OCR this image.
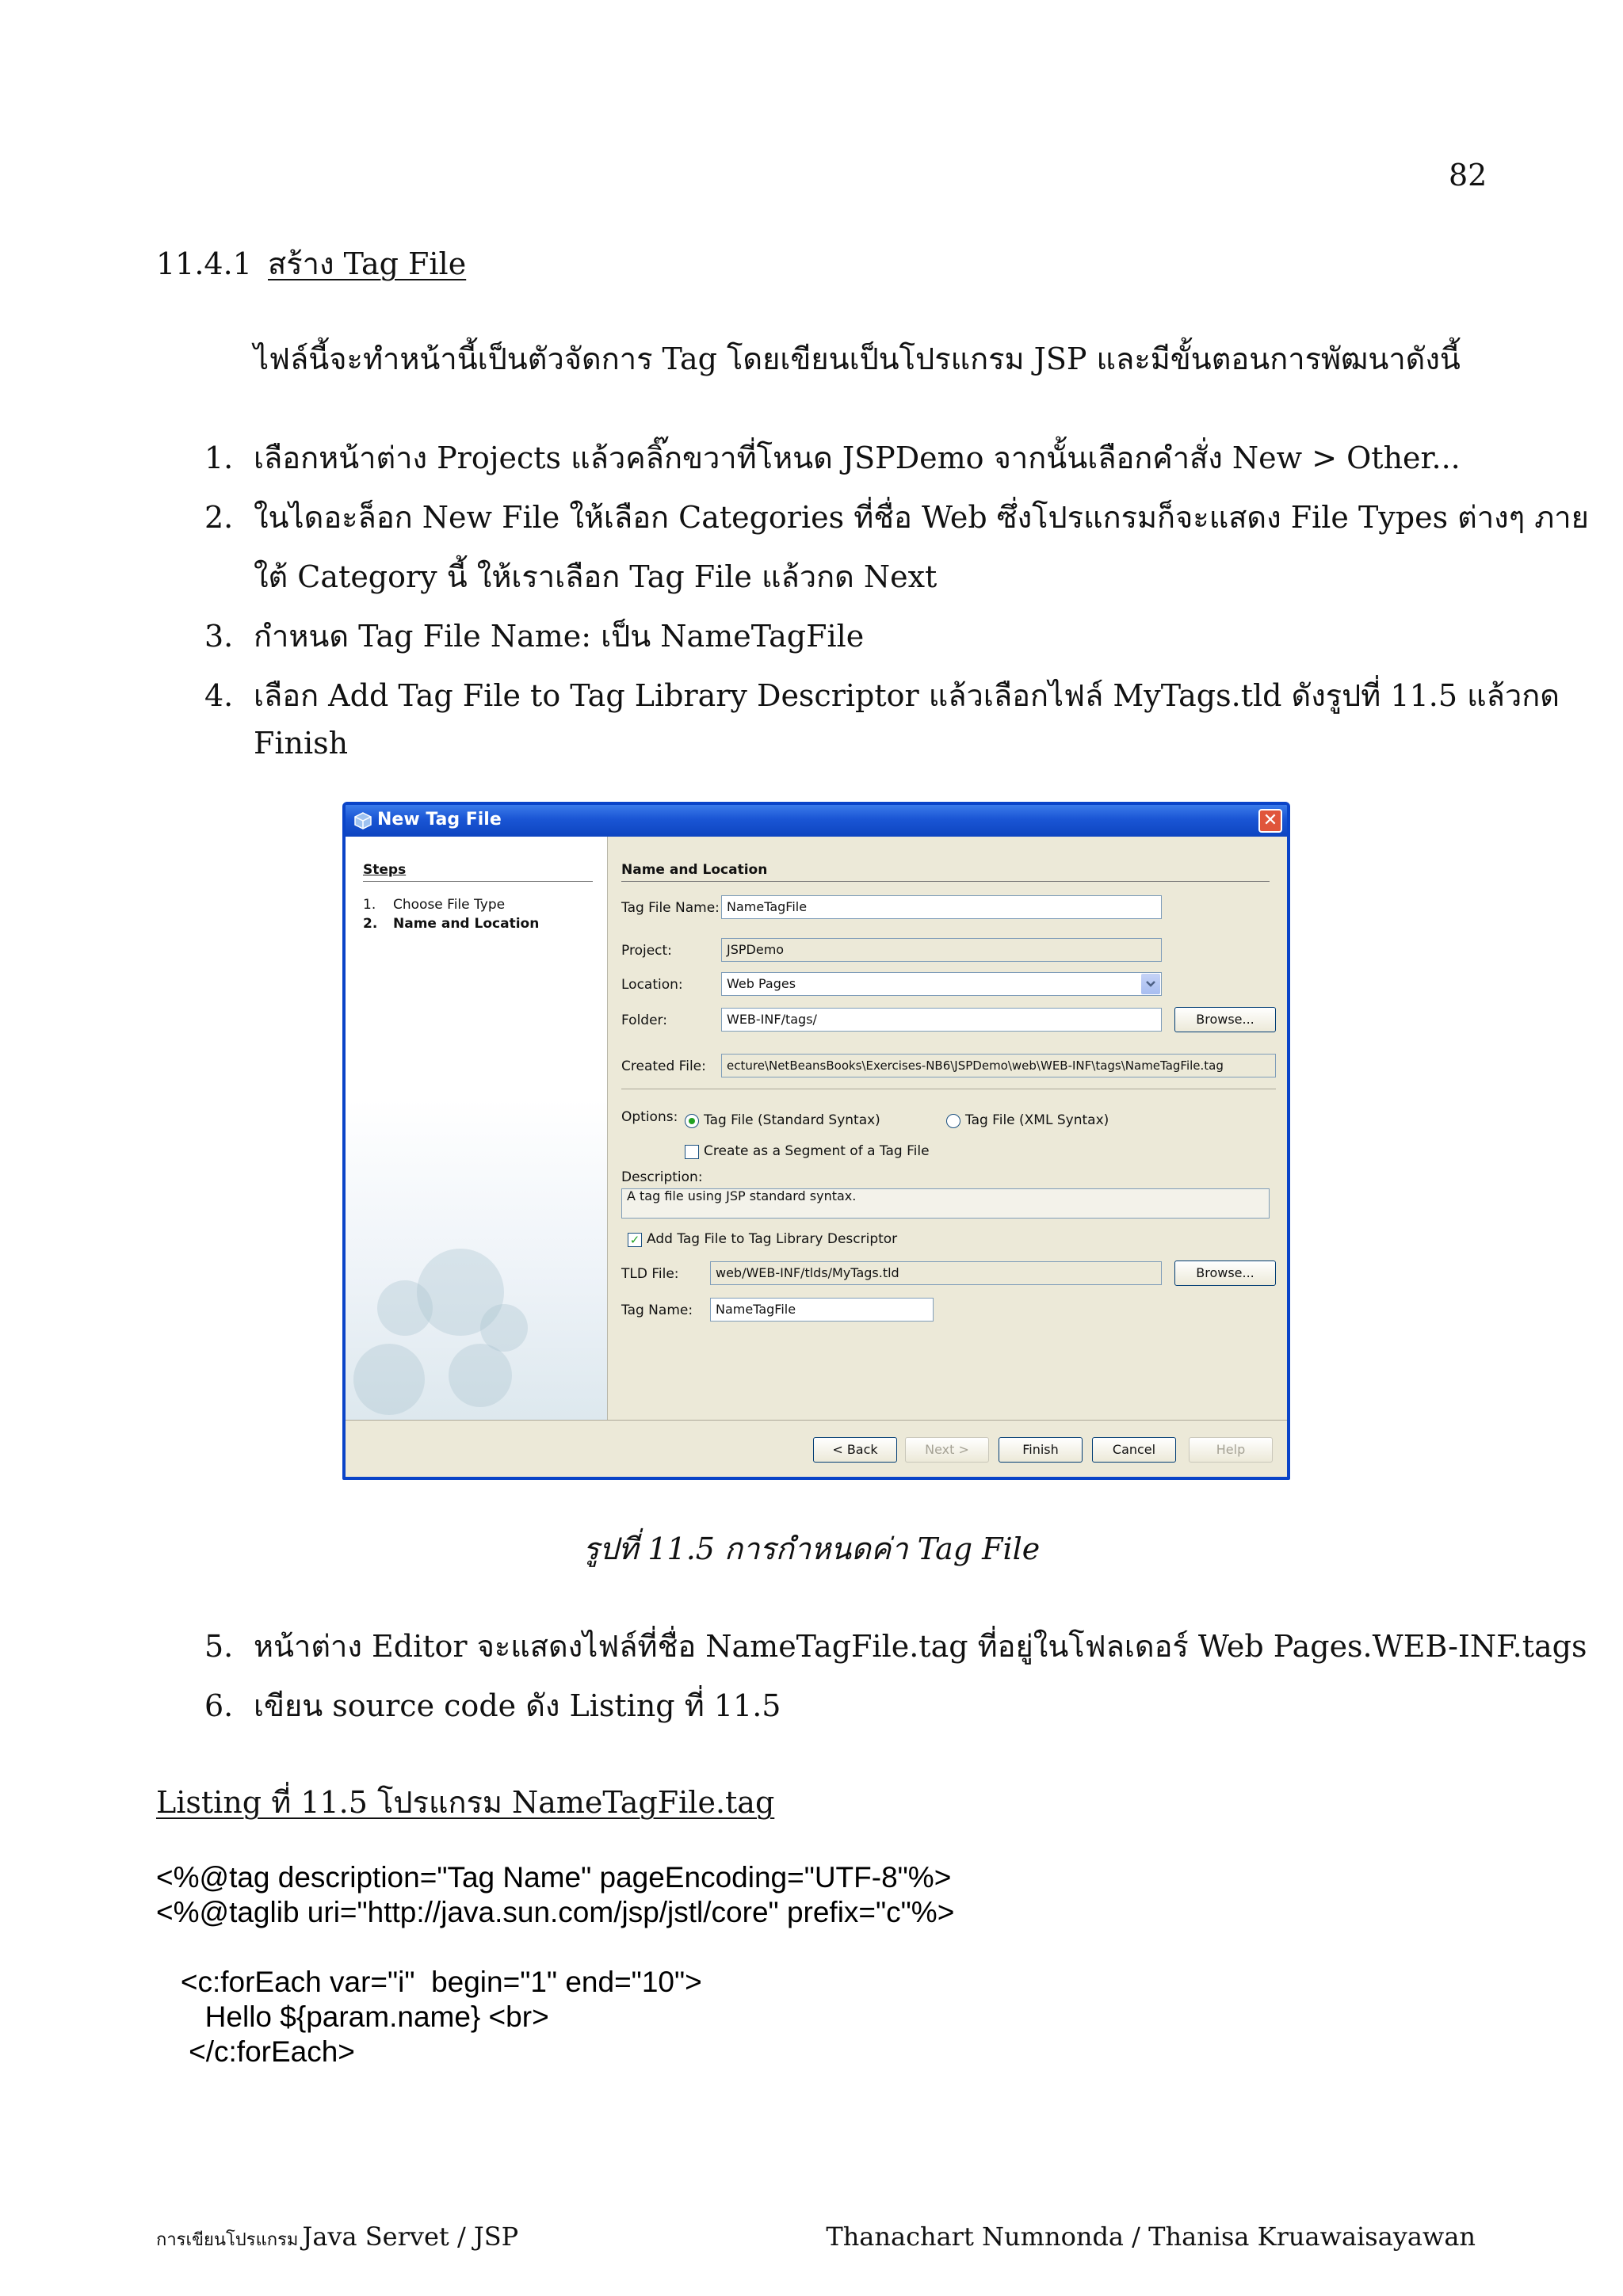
82
11.4.1 สร้าง Tag File
ไฟล์นี้จะทำหน้านี้เป็นตัวจัดการ Tag โดยเขียนเป็นโปรแกรม JSP และมีขั้นตอนการพัฒนาดังนี้
1. เลือกหน้าต่าง Projects แล้วคลิ๊กขวาที่โหนด JSPDemo จากนั้นเลือกคำสั่ง New > Other...
2. ในไดอะล็อก New File ให้เลือก Categories ที่ชื่อ Web ซึ่งโปรแกรมก็จะแสดง File Types ต่างๆ ภาย
ใต้ Category นี้ ให้เราเลือก Tag File แล้วกด Next
3. กำหนด Tag File Name: เป็น NameTagFile
4. เลือก Add Tag File to Tag Library Descriptor แล้วเลือกไฟล์ MyTags.tld ดังรูปที่ 11.5 แล้วกด
Finish
New Tag File	✕
Steps
1. Choose File Type
2. Name and Location
Name and Location
Tag File Name: NameTagFile
Project:	JSPDemo
Location:	Web Pages
Folder:	WEB-INF/tags/	Browse...
Created File:	ecture\NetBeansBooks\Exercises-NB6\JSPDemo\web\WEB-INF\tags\NameTagFile.tag
Options: Tag File (Standard Syntax)	Tag File (XML Syntax)
Create as a Segment of a Tag File
Description:
A tag file using JSP standard syntax.
✓ Add Tag File to Tag Library Descriptor
TLD File:	web/WEB-INF/tlds/MyTags.tld	Browse...
Tag Name:	NameTagFile
< Back	Next >	Finish	Cancel	Help
รูปที่ 11.5 การกำหนดค่า Tag File
5. หน้าต่าง Editor จะแสดงไฟล์ที่ชื่อ NameTagFile.tag ที่อยู่ในโฟลเดอร์ Web Pages.WEB-INF.tags
6. เขียน source code ดัง Listing ที่ 11.5
Listing ที่ 11.5 โปรแกรม NameTagFile.tag
<%@tag description="Tag Name" pageEncoding="UTF-8"%>
<%@taglib uri="http://java.sun.com/jsp/jstl/core" prefix="c"%>
<c:forEach var="i"  begin="1" end="10">
Hello ${param.name} <br>
</c:forEach>
การเขียนโปรแกรม Java Servet / JSP	Thanachart Numnonda / Thanisa Kruawaisayawan
